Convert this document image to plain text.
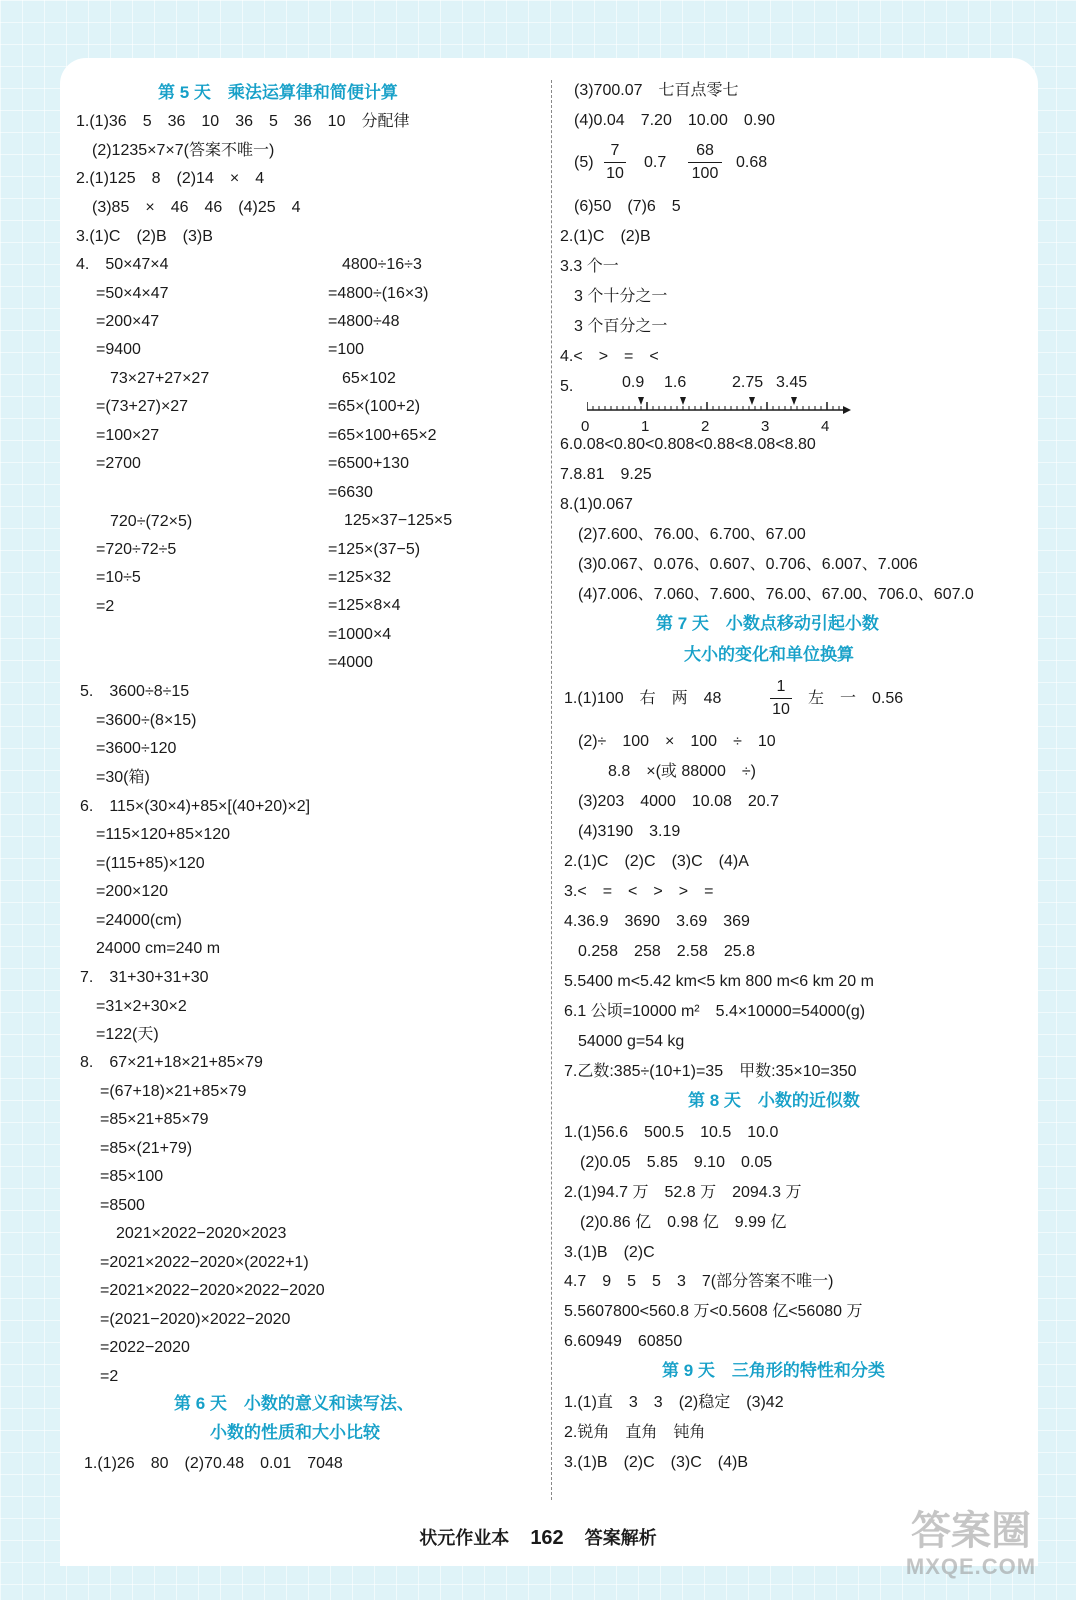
第 5 天　乘法运算律和简便计算
1.(1)36　5　36　10　36　5　36　10　分配律
(2)1235×7×7(答案不唯一)
2.(1)125　8　(2)14　×　4
(3)85　×　46　46　(4)25　4
3.(1)C　(2)B　(3)B
4.　50×47×4
=50×4×47
=200×47
=9400
73×27+27×27
=(73+27)×27
=100×27
=2700
720÷(72×5)
=720÷72÷5
=10÷5
=2
4800÷16÷3
=4800÷(16×3)
=4800÷48
=100
65×102
=65×(100+2)
=65×100+65×2
=6500+130
=6630
125×37−125×5
=125×(37−5)
=125×32
=125×8×4
=1000×4
=4000
5.　3600÷8÷15
=3600÷(8×15)
=3600÷120
=30(箱)
6.　115×(30×4)+85×[(40+20)×2]
=115×120+85×120
=(115+85)×120
=200×120
=24000(cm)
24000 cm=240 m
7.　31+30+31+30
=31×2+30×2
=122(天)
8.　67×21+18×21+85×79
=(67+18)×21+85×79
=85×21+85×79
=85×(21+79)
=85×100
=8500
2021×2022−2020×2023
=2021×2022−2020×(2022+1)
=2021×2022−2020×2022−2020
=(2021−2020)×2022−2020
=2022−2020
=2
第 6 天　小数的意义和读写法、
小数的性质和大小比较
1.(1)26　80　(2)70.48　0.01　7048
(3)700.07　七百点零七
(4)0.04　7.20　10.00　0.90
(5)
7
10
0.7
68
100
0.68
(6)50　(7)6　5
2.(1)C　(2)B
3.3 个一
3 个十分之一
3 个百分之一
4.<　>　=　<
5.	0.9 1.6	2.75 3.45
0	1	2	3	4
6.0.08<0.80<0.808<0.88<8.08<8.80
7.8.81　9.25
8.(1)0.067
(2)7.600、76.00、6.700、67.00
(3)0.067、0.076、0.607、0.706、6.007、7.006
(4)7.006、7.060、7.600、76.00、67.00、706.0、607.0
第 7 天　小数点移动引起小数
大小的变化和单位换算
1.(1)100　右　两　48
1
10
左　一　0.56
(2)÷　100　×　100　÷　10
8.8　×(或 88000　÷)
(3)203　4000　10.08　20.7
(4)3190　3.19
2.(1)C　(2)C　(3)C　(4)A
3.<　=　<　>　>　=
4.36.9　3690　3.69　369
0.258　258　2.58　25.8
5.5400 m<5.42 km<5 km 800 m<6 km 20 m
6.1 公顷=10000 m²　5.4×10000=54000(g)
54000 g=54 kg
7.乙数:385÷(10+1)=35　甲数:35×10=350
第 8 天　小数的近似数
1.(1)56.6　500.5　10.5　10.0
(2)0.05　5.85　9.10　0.05
2.(1)94.7 万　52.8 万　2094.3 万
(2)0.86 亿　0.98 亿　9.99 亿
3.(1)B　(2)C
4.7　9　5　5　3　7(部分答案不唯一)
5.5607800<560.8 万<0.5608 亿<56080 万
6.60949　60850
第 9 天　三角形的特性和分类
1.(1)直　3　3　(2)稳定　(3)42
2.锐角　直角　钝角
3.(1)B　(2)C　(3)C　(4)B
状元作业本 162 答案解析	答案圈
MXQE.COM
